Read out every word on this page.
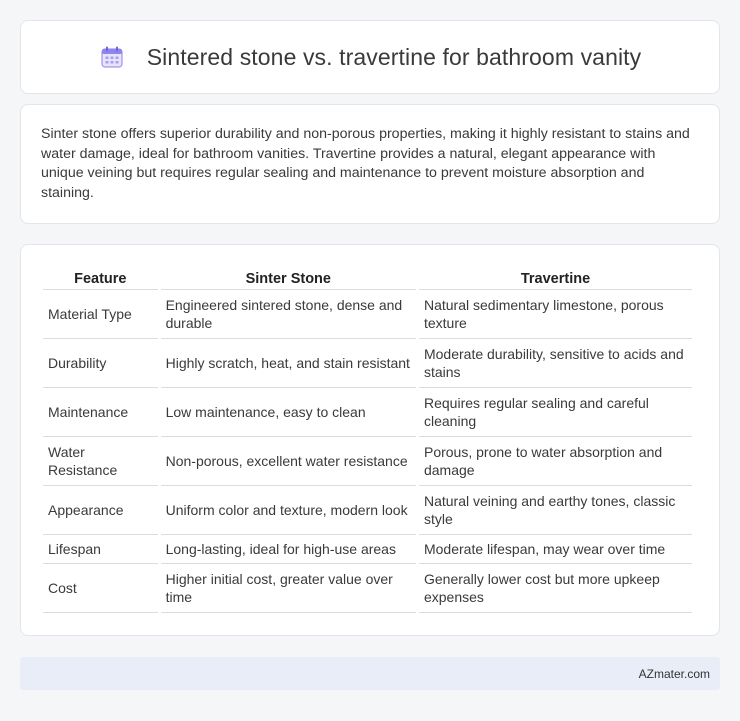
Sintered stone vs. travertine for bathroom vanity

Sinter stone offers superior durability and non-porous properties, making it highly resistant to stains and water damage, ideal for bathroom vanities. Travertine provides a natural, elegant appearance with unique veining but requires regular sealing and maintenance to prevent moisture absorption and staining.

Feature	Sinter Stone	Travertine
Material Type	Engineered sintered stone, dense and durable	Natural sedimentary limestone, porous texture
Durability	Highly scratch, heat, and stain resistant	Moderate durability, sensitive to acids and stains
Maintenance	Low maintenance, easy to clean	Requires regular sealing and careful cleaning
Water Resistance	Non-porous, excellent water resistance	Porous, prone to water absorption and damage
Appearance	Uniform color and texture, modern look	Natural veining and earthy tones, classic style
Lifespan	Long-lasting, ideal for high-use areas	Moderate lifespan, may wear over time
Cost	Higher initial cost, greater value over time	Generally lower cost but more upkeep expenses
AZmater.com
